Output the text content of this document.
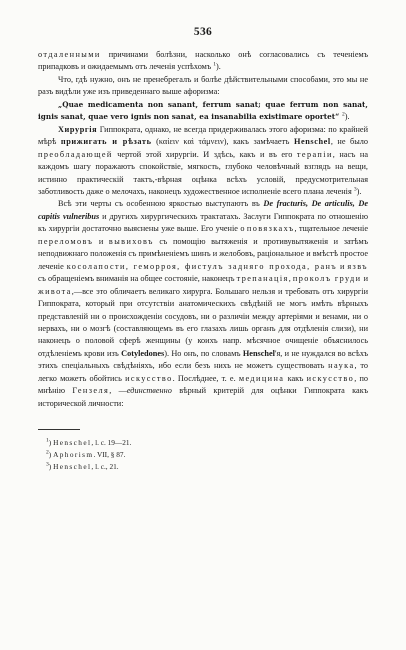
536

отдаленными причинами болѣзни, насколько онѣ согласовались съ теченіемъ припадковъ и ожидаемымъ отъ леченія успѣхомъ $^1$).

Что, гдѣ нужно, онъ не пренебрегалъ и болѣе дѣйствительными способами, это мы не разъ видѣли уже изъ приведеннаго выше афоризма:

„Quae medicamenta non sanant, ferrum sanat; quae ferrum non sanat, ignis sanat, quae vero ignis non sanat, ea insanabilia existimare oportet“ $^2$).

Хирургія Гиппократа, однако, не всегда придерживалась этого афоризма: по крайней мѣрѣ прижигать и рѣзать (καίειν καὶ τάμνειν), какъ замѣчаетъ Henschel, не было преобладающей чертой этой хирургіи. И здѣсь, какъ и въ его терапіи, насъ на каждомъ шагу поражаютъ спокойствіе, мягкость, глубоко человѣчный взглядъ на вещи, истинно практическій тактъ,-вѣрная оцѣнка всѣхъ условій, предусмотрительная заботливость даже о мелочахъ, наконецъ художественное исполненіе всего плана леченія $^3$).

Всѣ эти черты съ особенною яркостью выступаютъ въ De fracturis, De articulis, De capitis vulneribus и другихъ хирургическихъ трактатахъ. Заслуги Гиппократа по отношенію къ хирургіи достаточно выяснены уже выше. Его ученіе о повязкахъ, тщательное леченіе переломовъ и вывиховъ съ помощію вытяженія и противувытяженія и затѣмъ неподвижнаго положенія съ примѣненіемъ шинъ и желобовъ, раціональное и вмѣстѣ простое леченіе косолапости, геморроя, фистулъ заднягo прохода, ранъ и язвъ съ обращеніемъ вниманія на общее состояніе, наконецъ трепанація, проколъ груди и живота,—все это обличаетъ великаго хирурга. Большаго нельзя и требовать отъ хирургіи Гиппократа, который при отсутствіи анатомическихъ свѣдѣній не могъ имѣть вѣрныхъ представленій ни о происхожденіи сосудовъ, ни о различіи между артеріями и венами, ни о нервахъ, ни о мозгѣ (составляющемъ въ его глазахъ лишь органъ для отдѣленія слизи), ни наконецъ о половой сферѣ женщины (у коихъ напр. мѣсячное очищеніе объяснилось отдѣленіемъ крови изъ Cotyledones). Но онъ, по словамъ Henschel'я, и не нуждался во всѣхъ этихъ спеціальныхъ свѣдѣніяхъ, ибо если безъ нихъ не можетъ существовать наука, то легко можетъ обойтись искусство. Послѣднее, т. е. медицина какъ искусство, по мнѣнію Гензеля, —единственно вѣрный критерій для оцѣнки Гиппократа какъ исторической личности:

$^1$) Henschel, l. c. 19—21.
$^2$) Aphorism. VII, § 87.
$^3$) Henschel, l. c., 21.
